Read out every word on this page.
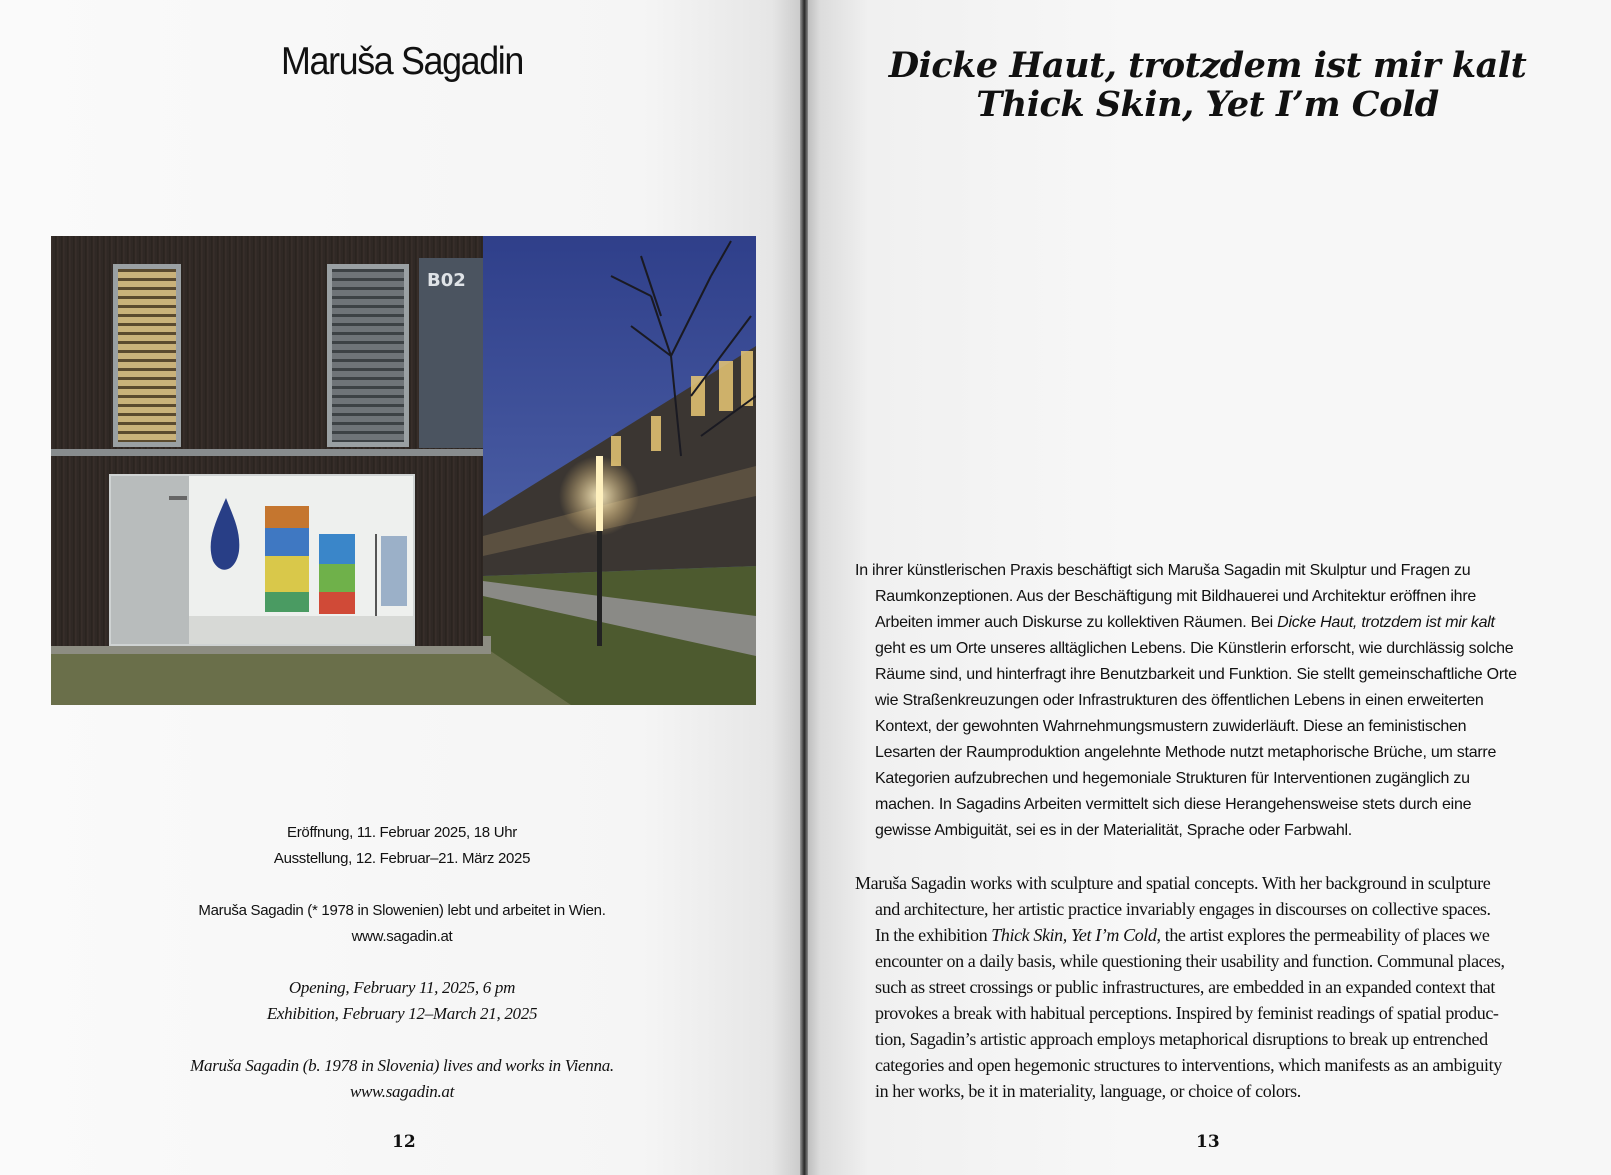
Maruša Sagadin
B02
Eröffnung, 11. Februar 2025, 18 Uhr
Ausstellung, 12. Februar–21. März 2025
Maruša Sagadin (* 1978 in Slowenien) lebt und arbeitet in Wien.
www.sagadin.at
Opening, February 11, 2025, 6 pm
Exhibition, February 12–March 21, 2025
Maruša Sagadin (b. 1978 in Slovenia) lives and works in Vienna.
www.sagadin.at
12
Dicke Haut, trotzdem ist mir kalt
Thick Skin, Yet I’m Cold
In ihrer künstlerischen Praxis beschäftigt sich Maruša Sagadin mit Skulptur und Fragen zu
Raumkonzeptionen. Aus der Beschäftigung mit Bildhauerei und Architektur eröffnen ihre
Arbeiten immer auch Diskurse zu kollektiven Räumen. Bei Dicke Haut, trotzdem ist mir kalt
geht es um Orte unseres alltäglichen Lebens. Die Künstlerin erforscht, wie durchlässig solche
Räume sind, und hinterfragt ihre Benutzbarkeit und Funktion. Sie stellt gemeinschaftliche Orte
wie Straßenkreuzungen oder Infrastrukturen des öffentlichen Lebens in einen erweiterten
Kontext, der gewohnten Wahrnehmungsmustern zuwiderläuft. Diese an feministischen
Lesarten der Raumproduktion angelehnte Methode nutzt metaphorische Brüche, um starre
Kategorien aufzubrechen und hegemoniale Strukturen für Interventionen zugänglich zu
machen. In Sagadins Arbeiten vermittelt sich diese Herangehensweise stets durch eine
gewisse Ambiguität, sei es in der Materialität, Sprache oder Farbwahl.
Maruša Sagadin works with sculpture and spatial concepts. With her background in sculpture
and architecture, her artistic practice invariably engages in discourses on collective spaces.
In the exhibition Thick Skin, Yet I’m Cold, the artist explores the permeability of places we
encounter on a daily basis, while questioning their usability and function. Communal places,
such as street crossings or public infrastructures, are embedded in an expanded context that
provokes a break with habitual perceptions. Inspired by feminist readings of spatial produc-
tion, Sagadin’s artistic approach employs metaphorical disruptions to break up entrenched
categories and open hegemonic structures to interventions, which manifests as an ambiguity
in her works, be it in materiality, language, or choice of colors.
13
